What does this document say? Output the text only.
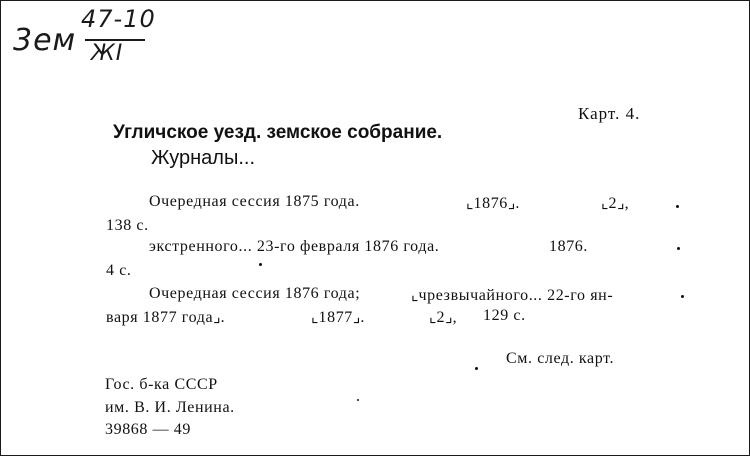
3ем
47-10
ЖI
Карт. 4.
Угличское уезд. земское собрание.
Журналы...
Очередная сессия 1875 года.	⌞1876⌟.	⌞2⌟,
138 с.
экстренного... 23-го февраля 1876 года.	1876.
4 с.
Очередная сессия 1876 года;	⌞чрезвычайного... 22-го ян-
варя 1877 года⌟.	⌞1877⌟.	⌞2⌟, 129 с.
См. след. карт.
Гос. б-ка СССР
им. В. И. Ленина.
39868 — 49
